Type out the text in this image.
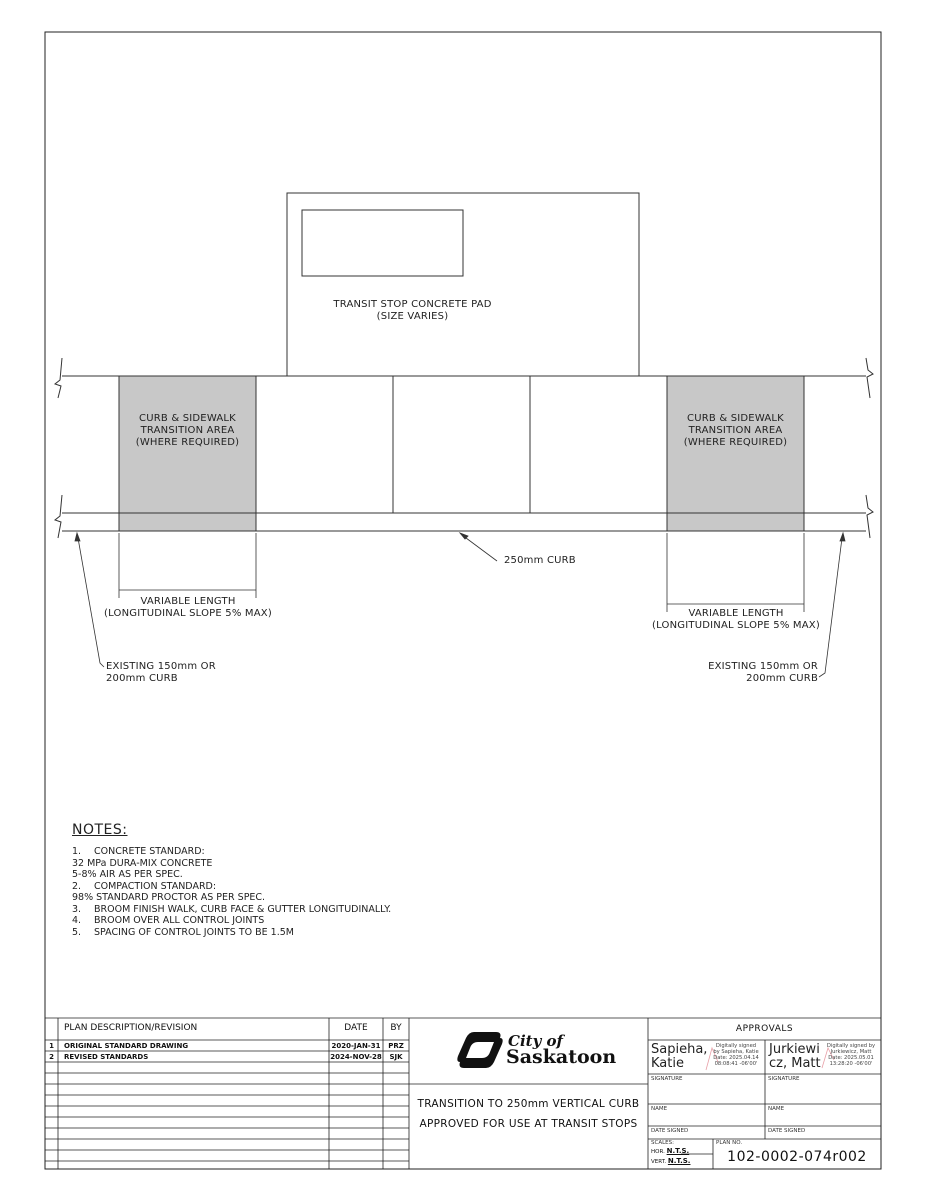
TRANSIT STOP CONCRETE PAD
(SIZE VARIES)
CURB & SIDEWALK
TRANSITION AREA
(WHERE REQUIRED)
CURB & SIDEWALK
TRANSITION AREA
(WHERE REQUIRED)
250mm CURB
VARIABLE LENGTH
(LONGITUDINAL SLOPE 5% MAX)	VARIABLE LENGTH
(LONGITUDINAL SLOPE 5% MAX)
EXISTING 150mm OR
200mm CURB
EXISTING 150mm OR
200mm CURB
NOTES:
1.	CONCRETE STANDARD:
32 MPa DURA-MIX CONCRETE
5-8% AIR AS PER SPEC.
2.	COMPACTION STANDARD:
98% STANDARD PROCTOR AS PER SPEC.
3.	BROOM FINISH WALK, CURB FACE & GUTTER LONGITUDINALLY.
4.	BROOM OVER ALL CONTROL JOINTS
5.	SPACING OF CONTROL JOINTS TO BE 1.5M
PLAN DESCRIPTION/REVISION	DATE	BY
1	ORIGINAL STANDARD DRAWING	2020-JAN-31	PRZ
2	REVISED STANDARDS	2024-NOV-28	SJK
City of
Saskatoon
TRANSITION TO 250mm VERTICAL CURB
APPROVED FOR USE AT TRANSIT STOPS
APPROVALS
Sapieha,
Katie
Digitally signed
by Sapieha, Katie
Date: 2025.04.14
08:08:41 -06'00'
Jurkiewi
cz, Matt
Digitally signed by
Jurkiewicz, Matt
Date: 2025.05.01
13:28:20 -06'00'
SIGNATURE	SIGNATURE
NAME	NAME
DATE SIGNED	DATE SIGNED
SCALES:
HOR. N.T.S.
VERT. N.T.S.
PLAN NO.
102-0002-074r002
